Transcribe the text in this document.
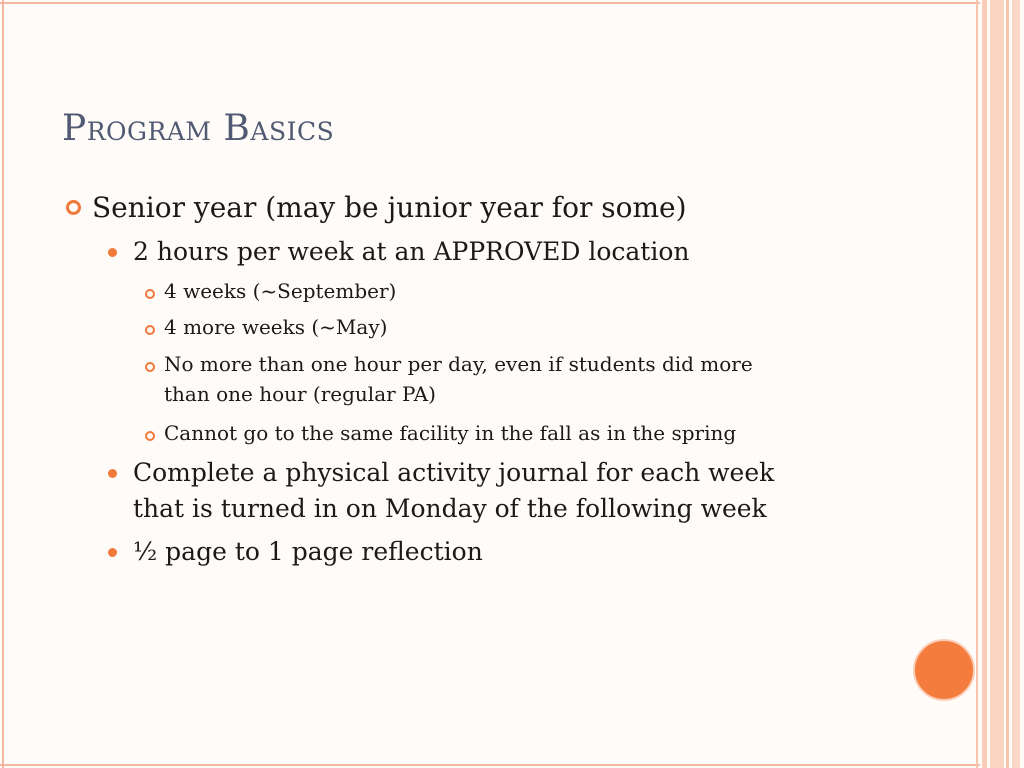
Program Basics
Senior year (may be junior year for some)
2 hours per week at an APPROVED location
4 weeks (~September)
4 more weeks (~May)
No more than one hour per day, even if students did more
than one hour (regular PA)
Cannot go to the same facility in the fall as in the spring
Complete a physical activity journal for each week
that is turned in on Monday of the following week
½ page to 1 page reflection
